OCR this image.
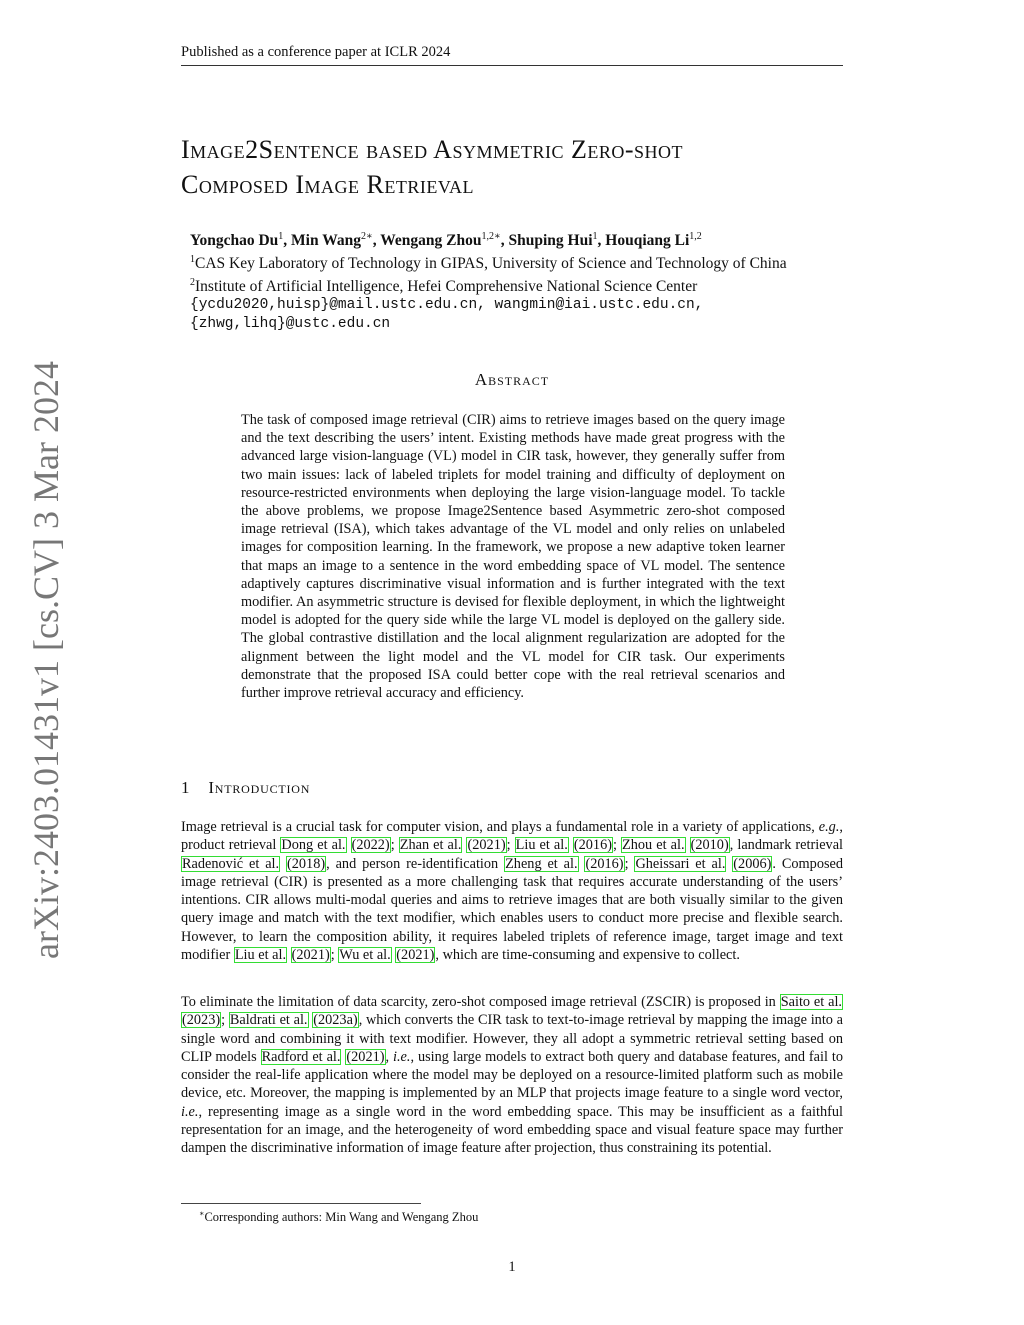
Published as a conference paper at ICLR 2024
arXiv:2403.01431v1 [cs.CV] 3 Mar 2024
Image2Sentence based Asymmetric Zero-shot
Composed Image Retrieval
Yongchao Du$^1$, Min Wang$^{2∗}$, Wengang Zhou$^{1,2∗}$, Shuping Hui$^1$, Houqiang Li$^{1,2}$
$^1$CAS Key Laboratory of Technology in GIPAS, University of Science and Technology of China
$^2$Institute of Artificial Intelligence, Hefei Comprehensive National Science Center
{ycdu2020,huisp}@mail.ustc.edu.cn, wangmin@iai.ustc.edu.cn,
{zhwg,lihq}@ustc.edu.cn
Abstract

The task of composed image retrieval (CIR) aims to retrieve images based on the query image and the text describing the users’ intent. Existing methods have made great progress with the advanced large vision-language (VL) model in CIR task, however, they generally suffer from two main issues: lack of labeled triplets for model training and difficulty of deployment on resource-restricted environments when deploying the large vision-language model. To tackle the above problems, we propose Image2Sentence based Asymmetric zero-shot composed image retrieval (ISA), which takes advantage of the VL model and only relies on unlabeled images for composition learning. In the framework, we propose a new adaptive token learner that maps an image to a sentence in the word embedding space of VL model. The sentence adaptively captures discriminative visual information and is further integrated with the text modifier. An asymmetric structure is devised for flexible deployment, in which the lightweight model is adopted for the query side while the large VL model is deployed on the gallery side. The global contrastive distillation and the local alignment regularization are adopted for the alignment between the light model and the VL model for CIR task. Our experiments demonstrate that the proposed ISA could better cope with the real retrieval scenarios and further improve retrieval accuracy and efficiency.

1 Introduction

Image retrieval is a crucial task for computer vision, and plays a fundamental role in a variety of applications, e.g., product retrieval Dong et al. (2022); Zhan et al. (2021); Liu et al. (2016); Zhou et al. (2010), landmark retrieval Radenović et al. (2018), and person re-identification Zheng et al. (2016); Gheissari et al. (2006). Composed image retrieval (CIR) is presented as a more challenging task that requires accurate understanding of the users’ intentions. CIR allows multi-modal queries and aims to retrieve images that are both visually similar to the given query image and match with the text modifier, which enables users to conduct more precise and flexible search. However, to learn the composition ability, it requires labeled triplets of reference image, target image and text modifier Liu et al. (2021); Wu et al. (2021), which are time-consuming and expensive to collect.

To eliminate the limitation of data scarcity, zero-shot composed image retrieval (ZSCIR) is proposed in Saito et al. (2023); Baldrati et al. (2023a), which converts the CIR task to text-to-image retrieval by mapping the image into a single word and combining it with text modifier. However, they all adopt a symmetric retrieval setting based on CLIP models Radford et al. (2021), i.e., using large models to extract both query and database features, and fail to consider the real-life application where the model may be deployed on a resource-limited platform such as mobile device, etc. Moreover, the mapping is implemented by an MLP that projects image feature to a single word vector, i.e., representing image as a single word in the word embedding space. This may be insufficient as a faithful representation for an image, and the heterogeneity of word embedding space and visual feature space may further dampen the discriminative information of image feature after projection, thus constraining its potential.

∗Corresponding authors: Min Wang and Wengang Zhou
1
